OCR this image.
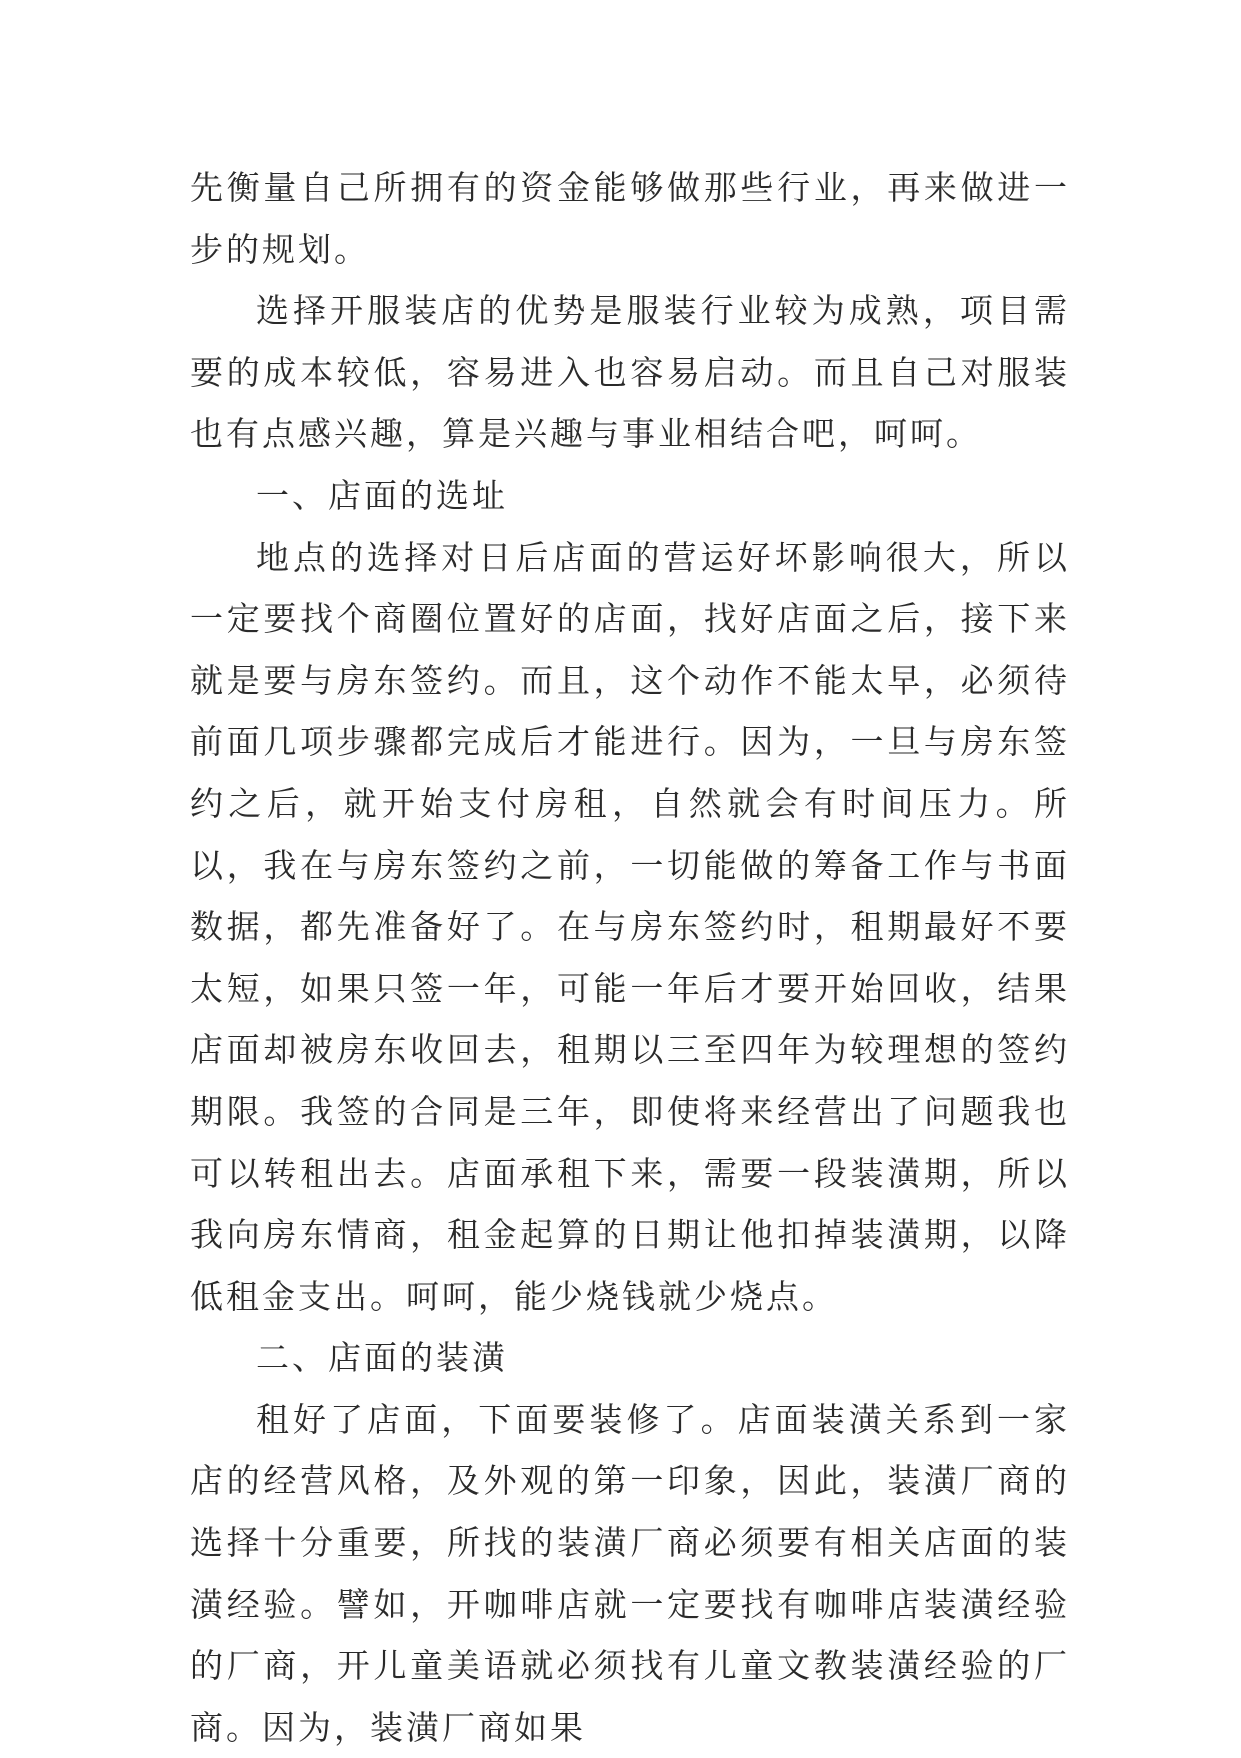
先衡量自己所拥有的资金能够做那些行业，再来做进一步的规划。

选择开服装店的优势是服装行业较为成熟，项目需要的成本较低，容易进入也容易启动。而且自己对服装也有点感兴趣，算是兴趣与事业相结合吧，呵呵。

一、店面的选址

地点的选择对日后店面的营运好坏影响很大，所以一定要找个商圈位置好的店面，找好店面之后，接下来就是要与房东签约。而且，这个动作不能太早，必须待前面几项步骤都完成后才能进行。因为，一旦与房东签约之后，就开始支付房租，自然就会有时间压力。所以，我在与房东签约之前，一切能做的筹备工作与书面数据，都先准备好了。在与房东签约时，租期最好不要太短，如果只签一年，可能一年后才要开始回收，结果店面却被房东收回去，租期以三至四年为较理想的签约期限。我签的合同是三年，即使将来经营出了问题我也可以转租出去。店面承租下来，需要一段装潢期，所以我向房东情商，租金起算的日期让他扣掉装潢期，以降低租金支出。呵呵，能少烧钱就少烧点。

二、店面的装潢

租好了店面，下面要装修了。店面装潢关系到一家店的经营风格，及外观的第一印象，因此，装潢厂商的选择十分重要，所找的装潢厂商必须要有相关店面的装潢经验。譬如，开咖啡店就一定要找有咖啡店装潢经验的厂商，开儿童美语就必须找有儿童文教装潢经验的厂商。因为，装潢厂商如果
